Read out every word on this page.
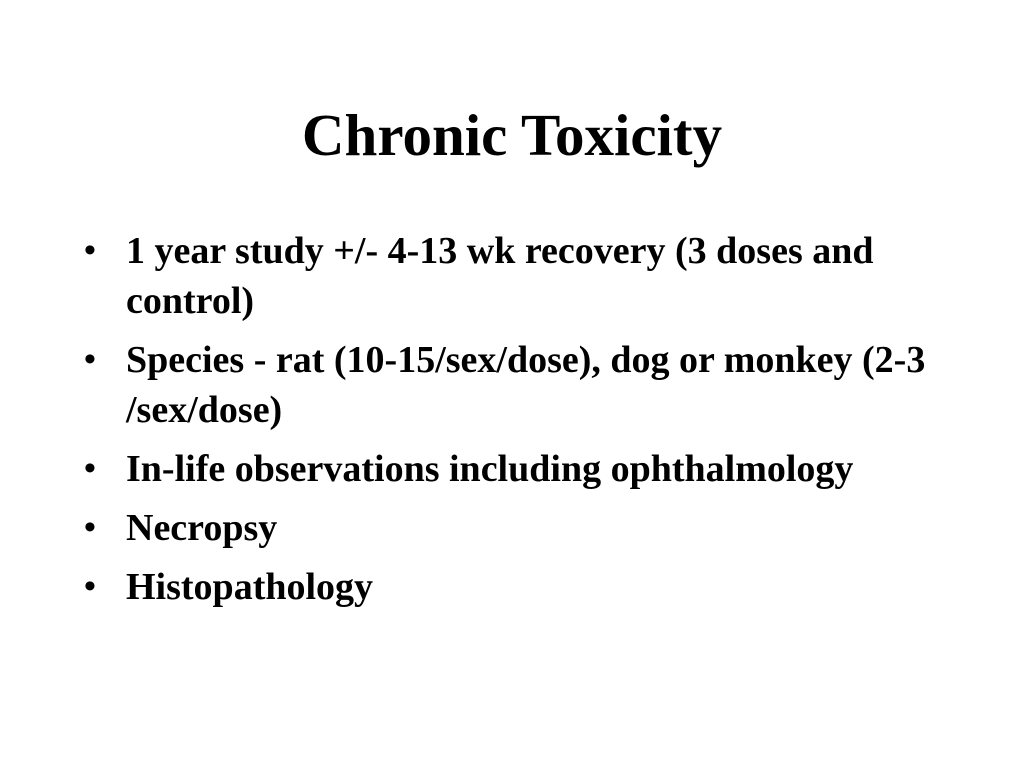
Chronic Toxicity
• 1 year study +/- 4-13 wk recovery (3 doses and control)
• Species - rat (10-15/sex/dose), dog or monkey (2-3 /sex/dose)
• In-life observations including ophthalmology
• Necropsy
• Histopathology
